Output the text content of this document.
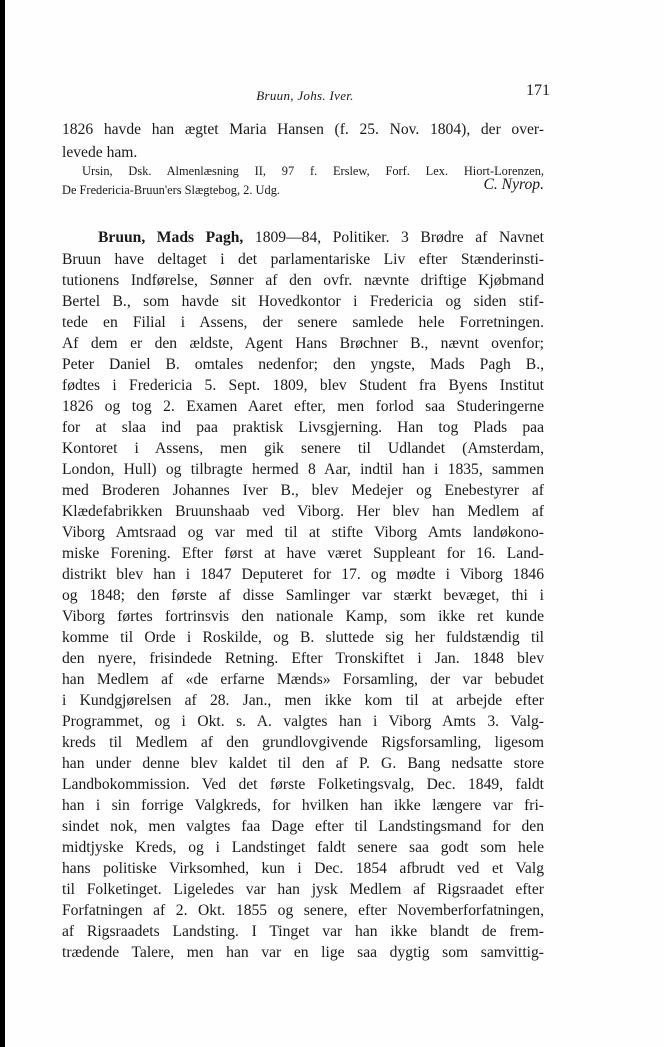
Bruun, Johs. Iver.	171
1826 havde han ægtet Maria Hansen (f. 25. Nov. 1804), der over-
levede ham.
Ursin, Dsk. Almenlæsning II, 97 f. Erslew, Forf. Lex. Hiort-Lorenzen,
De Fredericia-Bruun'ers Slægtebog, 2. Udg.	C. Nyrop.
Bruun, Mads Pagh, 1809—84, Politiker. 3 Brødre af Navnet
Bruun have deltaget i det parlamentariske Liv efter Stænderinsti-
tutionens Indførelse, Sønner af den ovfr. nævnte driftige Kjøbmand
Bertel B., som havde sit Hovedkontor i Fredericia og siden stif-
tede en Filial i Assens, der senere samlede hele Forretningen.
Af dem er den ældste, Agent Hans Brøchner B., nævnt ovenfor;
Peter Daniel B. omtales nedenfor; den yngste, Mads Pagh B.,
fødtes i Fredericia 5. Sept. 1809, blev Student fra Byens Institut
1826 og tog 2. Examen Aaret efter, men forlod saa Studeringerne
for at slaa ind paa praktisk Livsgjerning. Han tog Plads paa
Kontoret i Assens, men gik senere til Udlandet (Amsterdam,
London, Hull) og tilbragte hermed 8 Aar, indtil han i 1835, sammen
med Broderen Johannes Iver B., blev Medejer og Enebestyrer af
Klædefabrikken Bruunshaab ved Viborg. Her blev han Medlem af
Viborg Amtsraad og var med til at stifte Viborg Amts landøkono-
miske Forening. Efter først at have været Suppleant for 16. Land-
distrikt blev han i 1847 Deputeret for 17. og mødte i Viborg 1846
og 1848; den første af disse Samlinger var stærkt bevæget, thi i
Viborg førtes fortrinsvis den nationale Kamp, som ikke ret kunde
komme til Orde i Roskilde, og B. sluttede sig her fuldstændig til
den nyere, frisindede Retning. Efter Tronskiftet i Jan. 1848 blev
han Medlem af «de erfarne Mænds» Forsamling, der var bebudet
i Kundgjørelsen af 28. Jan., men ikke kom til at arbejde efter
Programmet, og i Okt. s. A. valgtes han i Viborg Amts 3. Valg-
kreds til Medlem af den grundlovgivende Rigsforsamling, ligesom
han under denne blev kaldet til den af P. G. Bang nedsatte store
Landbokommission. Ved det første Folketingsvalg, Dec. 1849, faldt
han i sin forrige Valgkreds, for hvilken han ikke længere var fri-
sindet nok, men valgtes faa Dage efter til Landstingsmand for den
midtjyske Kreds, og i Landstinget faldt senere saa godt som hele
hans politiske Virksomhed, kun i Dec. 1854 afbrudt ved et Valg
til Folketinget. Ligeledes var han jysk Medlem af Rigsraadet efter
Forfatningen af 2. Okt. 1855 og senere, efter Novemberforfatningen,
af Rigsraadets Landsting. I Tinget var han ikke blandt de frem-
trædende Talere, men han var en lige saa dygtig som samvittig-
